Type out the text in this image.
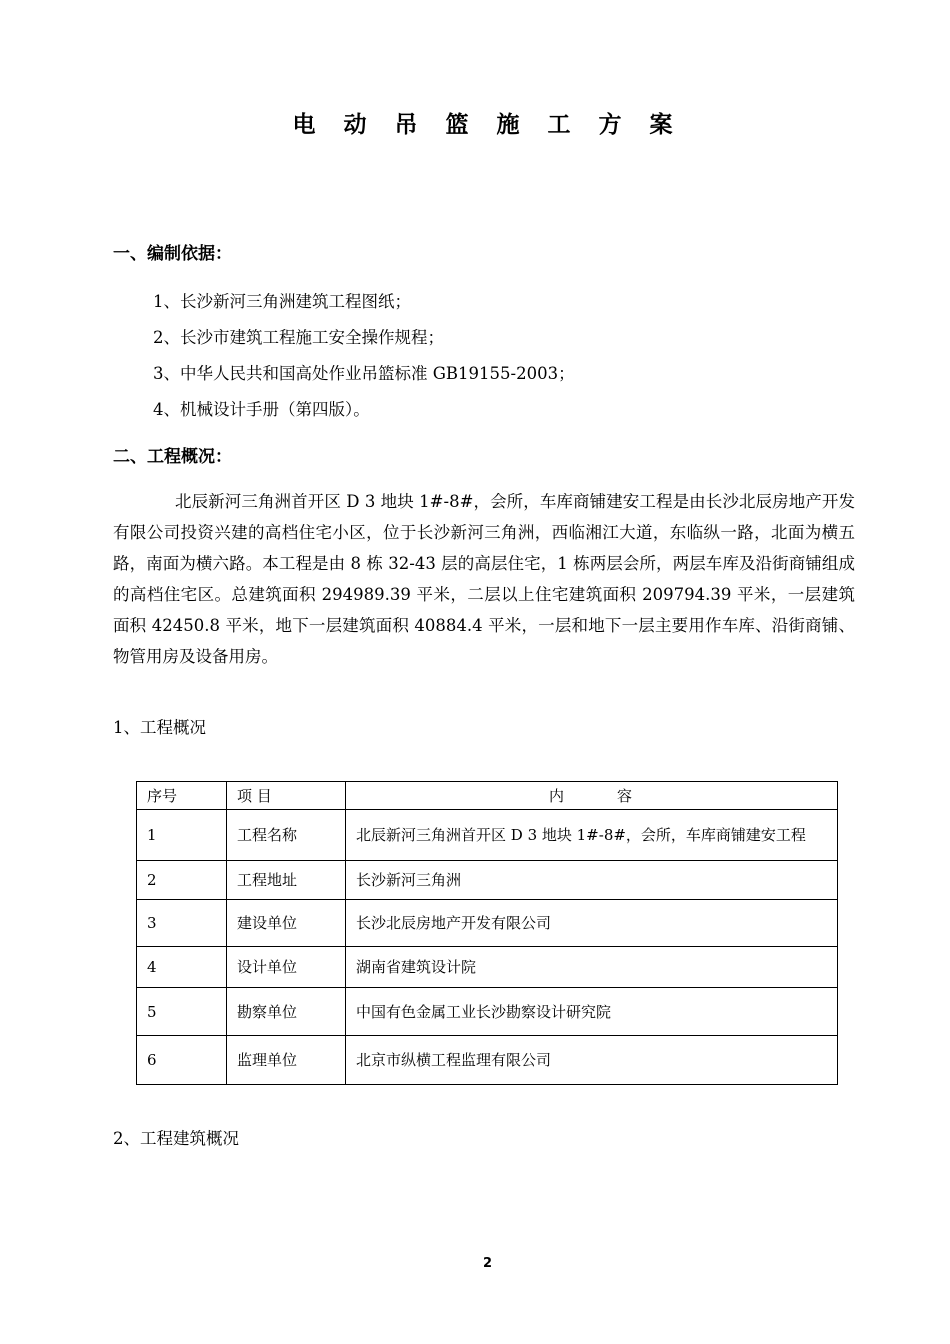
电 动 吊 篮 施 工 方 案
一、编制依据：
1、长沙新河三角洲建筑工程图纸；
2、长沙市建筑工程施工安全操作规程；
3、中华人民共和国高处作业吊篮标准 GB19155-2003；
4、机械设计手册（第四版）。
二、工程概况：
北辰新河三角洲首开区 D 3 地块 1#-8#，会所，车库商铺建安工程是由长沙北辰房地产开发有限公司投资兴建的高档住宅小区，位于长沙新河三角洲，西临湘江大道，东临纵一路，北面为横五路，南面为横六路。本工程是由 8 栋 32-43 层的高层住宅，1 栋两层会所，两层车库及沿街商铺组成的高档住宅区。总建筑面积 294989.39 平米，二层以上住宅建筑面积 209794.39 平米，一层建筑面积 42450.8 平米，地下一层建筑面积 40884.4 平米，一层和地下一层主要用作车库、沿街商铺、物管用房及设备用房。
1、工程概况
序号	项 目	内　　　容
1	工程名称	北辰新河三角洲首开区 D 3 地块 1#-8#，会所，车库商铺建安工程
2	工程地址	长沙新河三角洲
3	建设单位	长沙北辰房地产开发有限公司
4	设计单位	湖南省建筑设计院
5	勘察单位	中国有色金属工业长沙勘察设计研究院
6	监理单位	北京市纵横工程监理有限公司
2、工程建筑概况
2
